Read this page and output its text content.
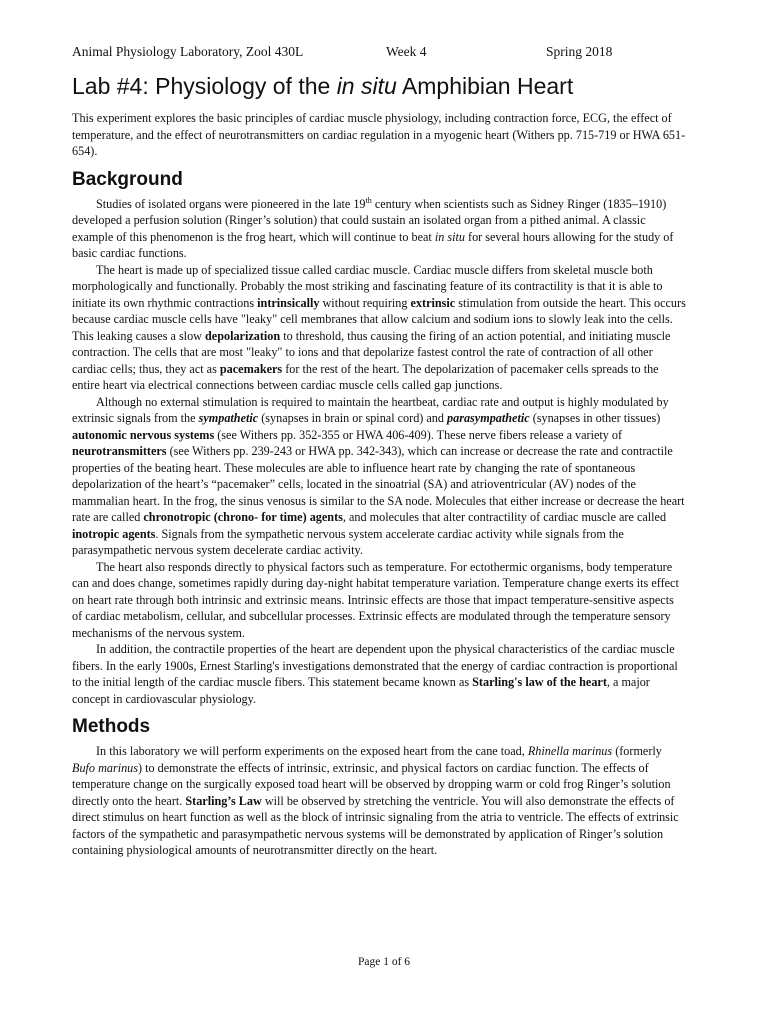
Animal Physiology Laboratory, Zool 430L	Week 4	Spring 2018
Lab #4: Physiology of the in situ Amphibian Heart

This experiment explores the basic principles of cardiac muscle physiology, including contraction force, ECG, the effect of temperature, and the effect of neurotransmitters on cardiac regulation in a myogenic heart (Withers pp. 715-719 or HWA 651-654).

Background

Studies of isolated organs were pioneered in the late 19th century when scientists such as Sidney Ringer (1835–1910) developed a perfusion solution (Ringer’s solution) that could sustain an isolated organ from a pithed animal. A classic example of this phenomenon is the frog heart, which will continue to beat in situ for several hours allowing for the study of basic cardiac functions.

The heart is made up of specialized tissue called cardiac muscle. Cardiac muscle differs from skeletal muscle both morphologically and functionally. Probably the most striking and fascinating feature of its contractility is that it is able to initiate its own rhythmic contractions intrinsically without requiring extrinsic stimulation from outside the heart. This occurs because cardiac muscle cells have "leaky" cell membranes that allow calcium and sodium ions to slowly leak into the cells. This leaking causes a slow depolarization to threshold, thus causing the firing of an action potential, and initiating muscle contraction. The cells that are most "leaky" to ions and that depolarize fastest control the rate of contraction of all other cardiac cells; thus, they act as pacemakers for the rest of the heart. The depolarization of pacemaker cells spreads to the entire heart via electrical connections between cardiac muscle cells called gap junctions.

Although no external stimulation is required to maintain the heartbeat, cardiac rate and output is highly modulated by extrinsic signals from the sympathetic (synapses in brain or spinal cord) and parasympathetic (synapses in other tissues) autonomic nervous systems (see Withers pp. 352-355 or HWA 406-409). These nerve fibers release a variety of neurotransmitters (see Withers pp. 239-243 or HWA pp. 342-343), which can increase or decrease the rate and contractile properties of the beating heart. These molecules are able to influence heart rate by changing the rate of spontaneous depolarization of the heart’s “pacemaker” cells, located in the sinoatrial (SA) and atrioventricular (AV) nodes of the mammalian heart. In the frog, the sinus venosus is similar to the SA node. Molecules that either increase or decrease the heart rate are called chronotropic (chrono- for time) agents, and molecules that alter contractility of cardiac muscle are called inotropic agents. Signals from the sympathetic nervous system accelerate cardiac activity while signals from the parasympathetic nervous system decelerate cardiac activity.

The heart also responds directly to physical factors such as temperature. For ectothermic organisms, body temperature can and does change, sometimes rapidly during day-night habitat temperature variation. Temperature change exerts its effect on heart rate through both intrinsic and extrinsic means. Intrinsic effects are those that impact temperature-sensitive aspects of cardiac metabolism, cellular, and subcellular processes. Extrinsic effects are modulated through the temperature sensory mechanisms of the nervous system.

In addition, the contractile properties of the heart are dependent upon the physical characteristics of the cardiac muscle fibers. In the early 1900s, Ernest Starling's investigations demonstrated that the energy of cardiac contraction is proportional to the initial length of the cardiac muscle fibers. This statement became known as Starling's law of the heart, a major concept in cardiovascular physiology.

Methods

In this laboratory we will perform experiments on the exposed heart from the cane toad, Rhinella marinus (formerly Bufo marinus) to demonstrate the effects of intrinsic, extrinsic, and physical factors on cardiac function. The effects of temperature change on the surgically exposed toad heart will be observed by dropping warm or cold frog Ringer’s solution directly onto the heart. Starling’s Law will be observed by stretching the ventricle. You will also demonstrate the effects of direct stimulus on heart function as well as the block of intrinsic signaling from the atria to ventricle. The effects of extrinsic factors of the sympathetic and parasympathetic nervous systems will be demonstrated by application of Ringer’s solution containing physiological amounts of neurotransmitter directly on the heart.

Page 1 of 6
